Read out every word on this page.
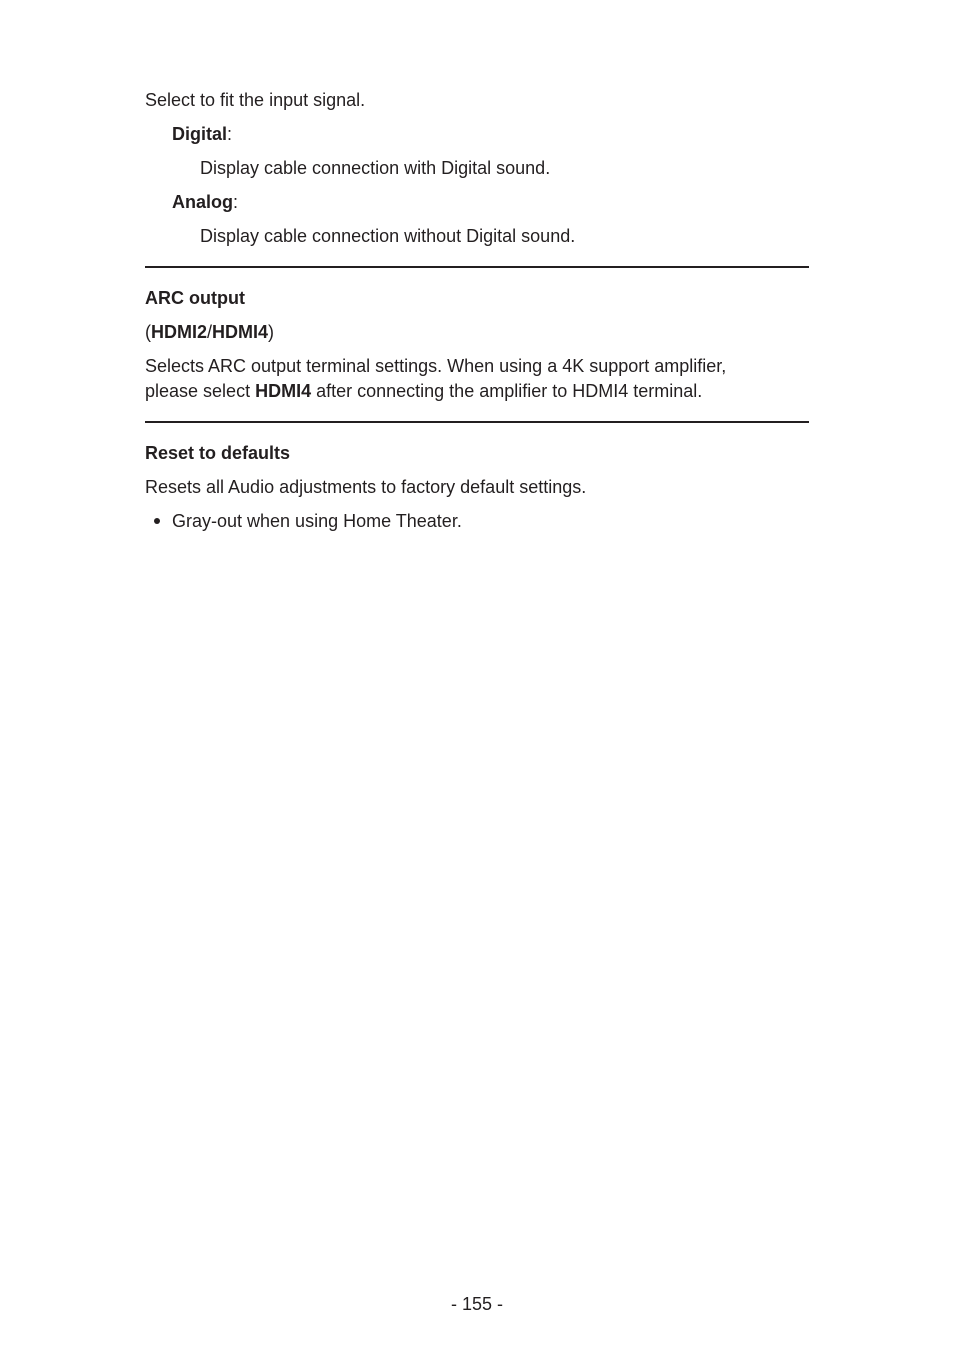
Select to fit the input signal.
Digital:
Display cable connection with Digital sound.
Analog:
Display cable connection without Digital sound.
ARC output
(HDMI2/HDMI4)
Selects ARC output terminal settings. When using a 4K support amplifier,
please select HDMI4 after connecting the amplifier to HDMI4 terminal.
Reset to defaults
Resets all Audio adjustments to factory default settings.
Gray-out when using Home Theater.
- 155 -
